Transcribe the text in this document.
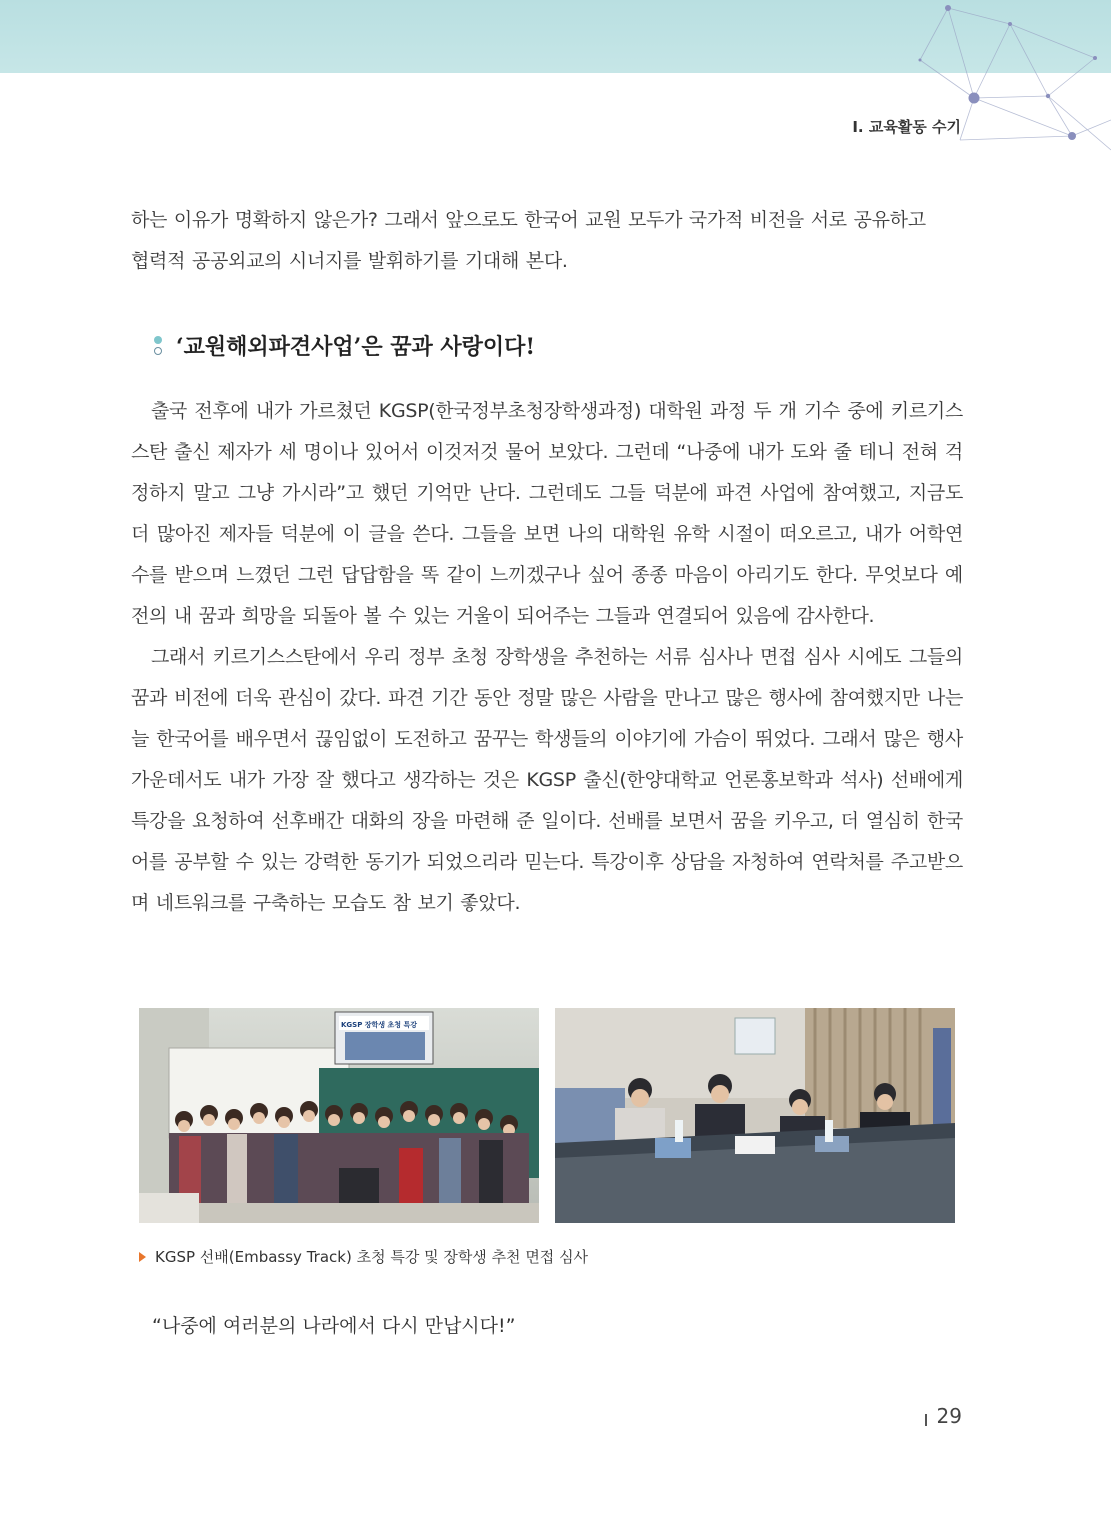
Ⅰ. 교육활동 수기

하는 이유가 명확하지 않은가? 그래서 앞으로도 한국어 교원 모두가 국가적 비전을 서로 공유하고

협력적 공공외교의 시너지를 발휘하기를 기대해 본다.

‘교원해외파견사업’은 꿈과 사랑이다!

출국 전후에 내가 가르쳤던 KGSP(한국정부초청장학생과정) 대학원 과정 두 개 기수 중에 키르기스스탄 출신 제자가 세 명이나 있어서 이것저것 물어 보았다. 그런데 “나중에 내가 도와 줄 테니 전혀 걱정하지 말고 그냥 가시라”고 했던 기억만 난다. 그런데도 그들 덕분에 파견 사업에 참여했고, 지금도 더 많아진 제자들 덕분에 이 글을 쓴다. 그들을 보면 나의 대학원 유학 시절이 떠오르고, 내가 어학연수를 받으며 느꼈던 그런 답답함을 똑 같이 느끼겠구나 싶어 종종 마음이 아리기도 한다. 무엇보다 예전의 내 꿈과 희망을 되돌아 볼 수 있는 거울이 되어주는 그들과 연결되어 있음에 감사한다.

그래서 키르기스스탄에서 우리 정부 초청 장학생을 추천하는 서류 심사나 면접 심사 시에도 그들의 꿈과 비전에 더욱 관심이 갔다. 파견 기간 동안 정말 많은 사람을 만나고 많은 행사에 참여했지만 나는 늘 한국어를 배우면서 끊임없이 도전하고 꿈꾸는 학생들의 이야기에 가슴이 뛰었다. 그래서 많은 행사 가운데서도 내가 가장 잘 했다고 생각하는 것은 KGSP 출신(한양대학교 언론홍보학과 석사) 선배에게 특강을 요청하여 선후배간 대화의 장을 마련해 준 일이다. 선배를 보면서 꿈을 키우고, 더 열심히 한국어를 공부할 수 있는 강력한 동기가 되었으리라 믿는다. 특강이후 상담을 자청하여 연락처를 주고받으며 네트워크를 구축하는 모습도 참 보기 좋았다.

KGSP 장학생 초청 특강
KGSP 선배(Embassy Track) 초청 특강 및 장학생 추천 면접 심사
“나중에 여러분의 나라에서 다시 만납시다!”
29
